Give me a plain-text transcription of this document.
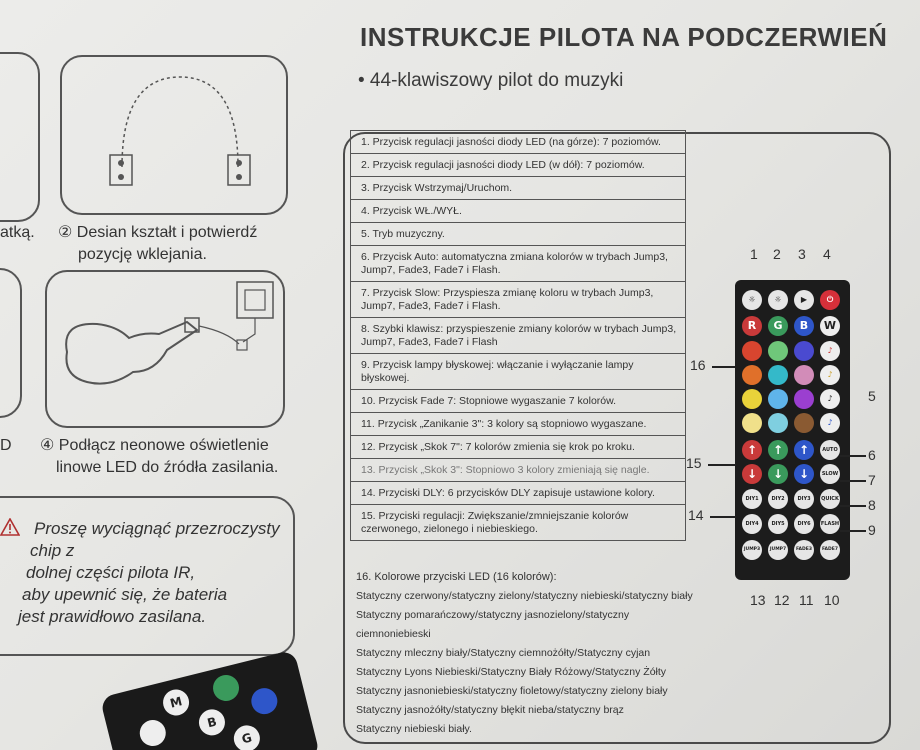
atką. ② Desian kształt i potwierdź
pozycję wklejania.
D ④ Podłącz neonowe oświetlenie
linowe LED do źródła zasilania.
Proszę wyciągnąć przezroczysty
chip z
dolnej części pilota IR,
aby upewnić się, że bateria
jest prawidłowo zasilana.
M
B
G
INSTRUKCJE PILOTA NA PODCZERWIEŃ
• 44-klawiszowy pilot do muzyki
1. Przycisk regulacji jasności diody LED (na górze): 7 poziomów.
2. Przycisk regulacji jasności diody LED (w dół): 7 poziomów.
3. Przycisk Wstrzymaj/Uruchom.
4. Przycisk WŁ./WYŁ.
5. Tryb muzyczny.
6. Przycisk Auto: automatyczna zmiana kolorów w trybach Jump3, Jump7, Fade3, Fade7 i Flash.
7. Przycisk Slow: Przyspiesza zmianę koloru w trybach Jump3, Jump7, Fade3, Fade7 i Flash.
8. Szybki klawisz: przyspieszenie zmiany kolorów w trybach Jump3, Jump7, Fade3, Fade7 i Flash
9. Przycisk lampy błyskowej: włączanie i wyłączanie lampy błyskowej.
10. Przycisk Fade 7: Stopniowe wygaszanie 7 kolorów.
11. Przycisk „Zanikanie 3": 3 kolory są stopniowo wygaszane.
12. Przycisk „Skok 7": 7 kolorów zmienia się krok po kroku.
13. Przycisk „Skok 3": Stopniowo 3 kolory zmieniają się nagle.
14. Przyciski DLY: 6 przycisków DLY zapisuje ustawione kolory.
15. Przyciski regulacji: Zwiększanie/zmniejszanie kolorów czerwonego, zielonego i niebieskiego.
16. Kolorowe przyciski LED (16 kolorów):
Statyczny czerwony/statyczny zielony/statyczny niebieski/statyczny biały
Statyczny pomarańczowy/statyczny jasnozielony/statyczny
ciemnoniebieski
Statyczny mleczny biały/Statyczny ciemnożółty/Statyczny cyjan
Statyczny Lyons Niebieski/Statyczny Biały Różowy/Statyczny Żółty
Statyczny jasnoniebieski/statyczny fioletowy/statyczny zielony biały
Statyczny jasnożółty/statyczny błękit nieba/statyczny brąz
Statyczny niebieski biały.
1 2 3 4
☼	☼	▶	⏻
R	G	B	W
♪
♪
♪
♪
↑	↑	↑	AUTO
↓	↓	↓	SLOW
DIY1	DIY2	DIY3	QUICK
DIY4	DIY5	DIY6	FLASH
JUMP3	JUMP7	FADE3	FADE7
16
15
14
5
6
7
8
9
13 12 11 10
